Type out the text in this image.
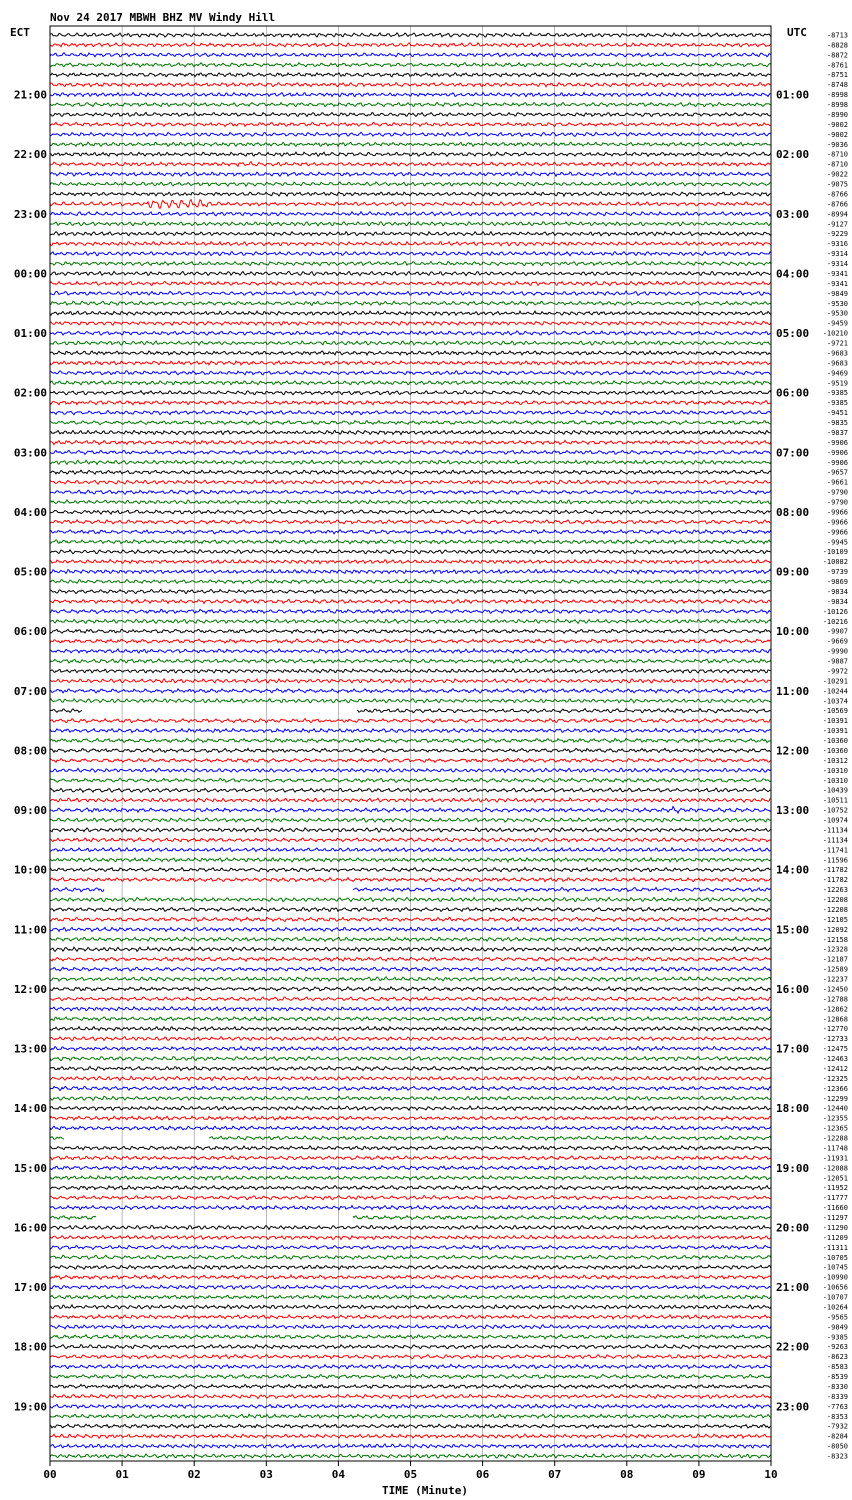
Nov 24 2017 MBWH BHZ MV Windy Hill
ECT	UTC
21:00
22:00
23:00
00:00
01:00
02:00
03:00
04:00
05:00
06:00
07:00
08:00
09:00
10:00
11:00
12:00
13:00
14:00
15:00
16:00
17:00
18:00
19:00
01:00
02:00
03:00
04:00
05:00
06:00
07:00
08:00
09:00
10:00
11:00
12:00
13:00
14:00
15:00
16:00
17:00
18:00
19:00
20:00
21:00
22:00
23:00
-8713
-8828
-8872
-8761
-8751
-8748
-8998
-8998
-8990
-9002
-9002
-9036
-8710
-8710
-9022
-9075
-8766
-8766
-8994
-9127
-9229
-9316
-9314
-9314
-9341
-9341
-9849
-9530
-9530
-9459
-10210
-9721
-9683
-9683
-9469
-9519
-9385
-9385
-9451
-9835
-9837
-9906
-9906
-9906
-9657
-9661
-9790
-9790
-9966
-9966
-9966
-9945
-10109
-10082
-9739
-9869
-9834
-9834
-10126
-10216
-9907
-9669
-9990
-9887
-9972
-10291
-10244
-10374
-10569
-10391
-10391
-10360
-10360
-10312
-10310
-10310
-10439
-10511
-10752
-10974
-11134
-11134
-11741
-11596
-11782
-11782
-12263
-12208
-12208
-12105
-12092
-12158
-12328
-12187
-12589
-12237
-12450
-12788
-12862
-12868
-12770
-12733
-12475
-12463
-12412
-12325
-12366
-12299
-12440
-12355
-12365
-12288
-11748
-11931
-12088
-12051
-11952
-11777
-11660
-11297
-11290
-11209
-11311
-10705
-10745
-10990
-10656
-10707
-10264
-9565
-9849
-9385
-9263
-8623
-8583
-8539
-8330
-8339
-7763
-8353
-7932
-8284
-8050
-8323
00	01	02	03	04	05	06	07	08	09	10
TIME (Minute)
